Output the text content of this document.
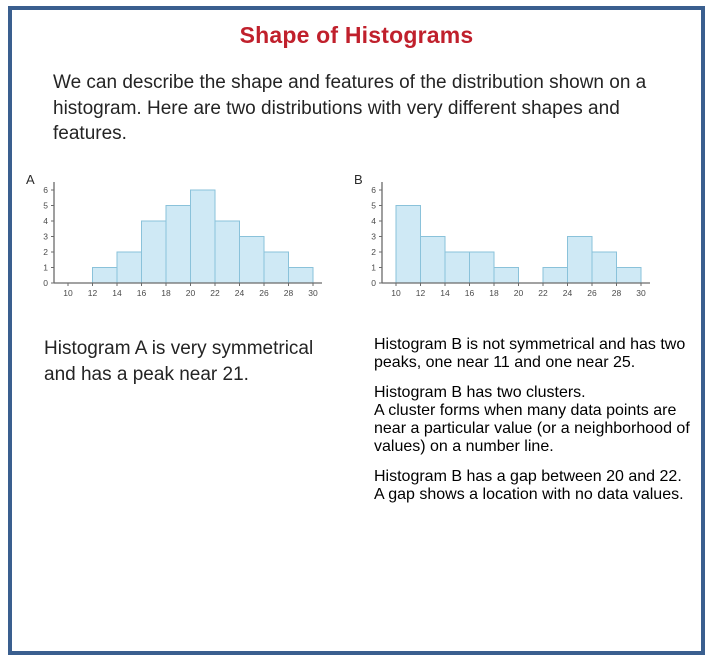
Shape of Histograms

We can describe the shape and features of the distribution shown on a histogram. Here are two distributions with very different shapes and features.

A
0
1
2
3
4
5
6
10 12 14 16 18 20 22 24 26 28 30
B
0
1
2
3
4
5
6
10 12 14 16 18 20 22 24 26 28 30

Histogram A is very symmetrical and has a peak near 21.

Histogram B is not symmetrical and has two peaks, one near 11 and one near 25.

Histogram B has two clusters.
A cluster forms when many data points are near a particular value (or a neighborhood of values) on a number line.

Histogram B has a gap between 20 and 22. A gap shows a location with no data values.
